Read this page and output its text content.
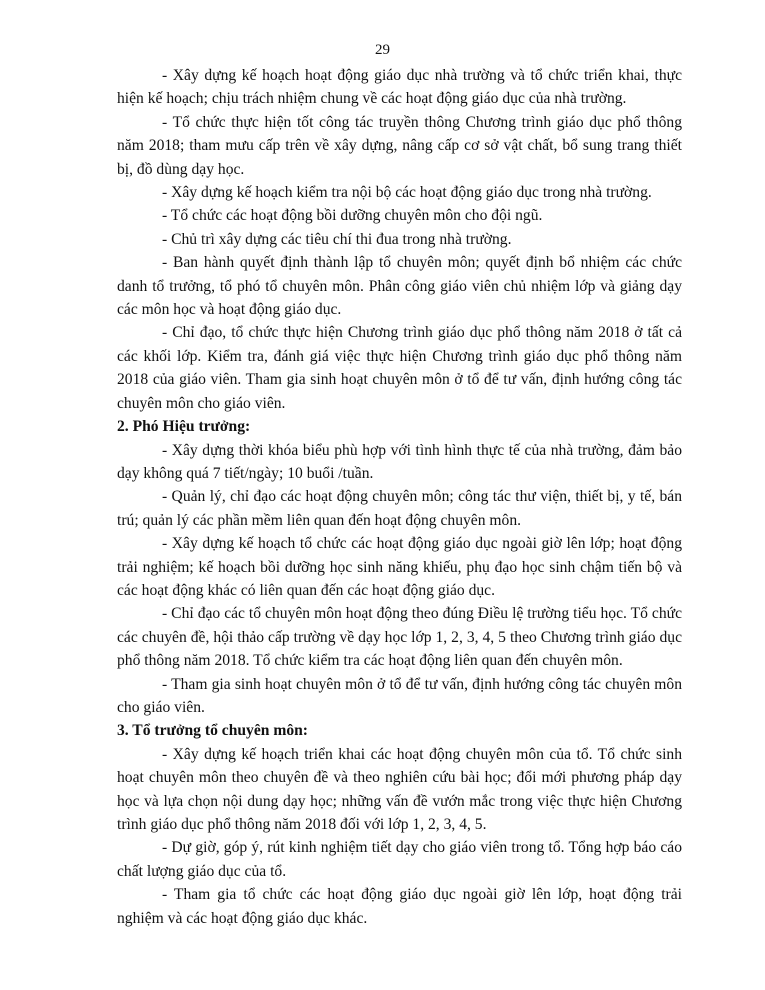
29

- Xây dựng kế hoạch hoạt động giáo dục nhà trường và tổ chức triển khai, thực hiện kế hoạch; chịu trách nhiệm chung về các hoạt động giáo dục của nhà trường.

- Tổ chức thực hiện tốt công tác truyền thông Chương trình giáo dục phổ thông năm 2018; tham mưu cấp trên về xây dựng, nâng cấp cơ sở vật chất, bổ sung trang thiết bị, đồ dùng dạy học.

- Xây dựng kế hoạch kiểm tra nội bộ các hoạt động giáo dục trong nhà trường.

- Tổ chức các hoạt động bồi dưỡng chuyên môn cho đội ngũ.

- Chủ trì xây dựng các tiêu chí thi đua trong nhà trường.

- Ban hành quyết định thành lập tổ chuyên môn; quyết định bổ nhiệm các chức danh tổ trưởng, tổ phó tổ chuyên môn. Phân công giáo viên chủ nhiệm lớp và giảng dạy các môn học và hoạt động giáo dục.

- Chỉ đạo, tổ chức thực hiện Chương trình giáo dục phổ thông năm 2018 ở tất cả các khối lớp. Kiểm tra, đánh giá việc thực hiện Chương trình giáo dục phổ thông năm 2018 của giáo viên. Tham gia sinh hoạt chuyên môn ở tổ để tư vấn, định hướng công tác chuyên môn cho giáo viên.

2. Phó Hiệu trưởng:

- Xây dựng thời khóa biểu phù hợp với tình hình thực tế của nhà trường, đảm bảo dạy không quá 7 tiết/ngày; 10 buổi /tuần.

- Quản lý, chỉ đạo các hoạt động chuyên môn; công tác thư viện, thiết bị, y tế, bán trú; quản lý các phần mềm liên quan đến hoạt động chuyên môn.

- Xây dựng kế hoạch tổ chức các hoạt động giáo dục ngoài giờ lên lớp; hoạt động trải nghiệm; kế hoạch bồi dưỡng học sinh năng khiếu, phụ đạo học sinh chậm tiến bộ và các hoạt động khác có liên quan đến các hoạt động giáo dục.

- Chỉ đạo các tổ chuyên môn hoạt động theo đúng Điều lệ trường tiểu học. Tổ chức các chuyên đề, hội thảo cấp trường về dạy học lớp 1, 2, 3, 4, 5 theo Chương trình giáo dục phổ thông năm 2018. Tổ chức kiểm tra các hoạt động liên quan đến chuyên môn.

- Tham gia sinh hoạt chuyên môn ở tổ để tư vấn, định hướng công tác chuyên môn cho giáo viên.

3. Tổ trưởng tổ chuyên môn:

- Xây dựng kế hoạch triển khai các hoạt động chuyên môn của tổ. Tổ chức sinh hoạt chuyên môn theo chuyên đề và theo nghiên cứu bài học; đổi mới phương pháp dạy học và lựa chọn nội dung dạy học; những vấn đề vướn mắc trong việc thực hiện Chương trình giáo dục phổ thông năm 2018 đối với lớp 1, 2, 3, 4, 5.

- Dự giờ, góp ý, rút kinh nghiệm tiết dạy cho giáo viên trong tổ. Tổng hợp báo cáo chất lượng giáo dục của tổ.

- Tham gia tổ chức các hoạt động giáo dục ngoài giờ lên lớp, hoạt động trải nghiệm và các hoạt động giáo dục khác.
